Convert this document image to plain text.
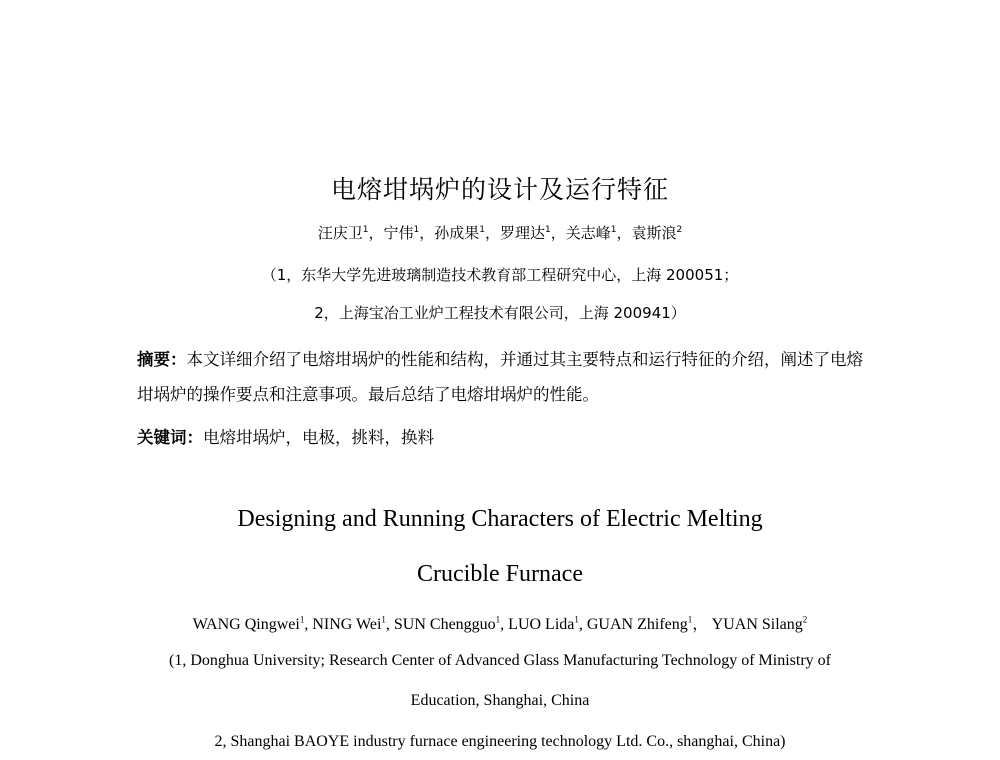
电熔坩埚炉的设计及运行特征
汪庆卫$^1$，宁伟$^1$，孙成果$^1$，罗理达$^1$，关志峰$^1$，袁斯浪$^2$
（1，东华大学先进玻璃制造技术教育部工程研究中心，上海 200051；
2，上海宝冶工业炉工程技术有限公司，上海 200941）
摘要：本文详细介绍了电熔坩埚炉的性能和结构，并通过其主要特点和运行特征的介绍，阐述了电熔坩埚炉的操作要点和注意事项。最后总结了电熔坩埚炉的性能。
关键词：电熔坩埚炉，电极，挑料，换料
Designing and Running Characters of Electric Melting
Crucible Furnace
WANG Qingwei$^1$, NING Wei$^1$, SUN Chengguo$^1$, LUO Lida$^1$, GUAN Zhifeng$^1$， YUAN Silang$^2$
(1, Donghua University; Research Center of Advanced Glass Manufacturing Technology of Ministry of
Education, Shanghai, China
2, Shanghai BAOYE industry furnace engineering technology Ltd. Co., shanghai, China)
